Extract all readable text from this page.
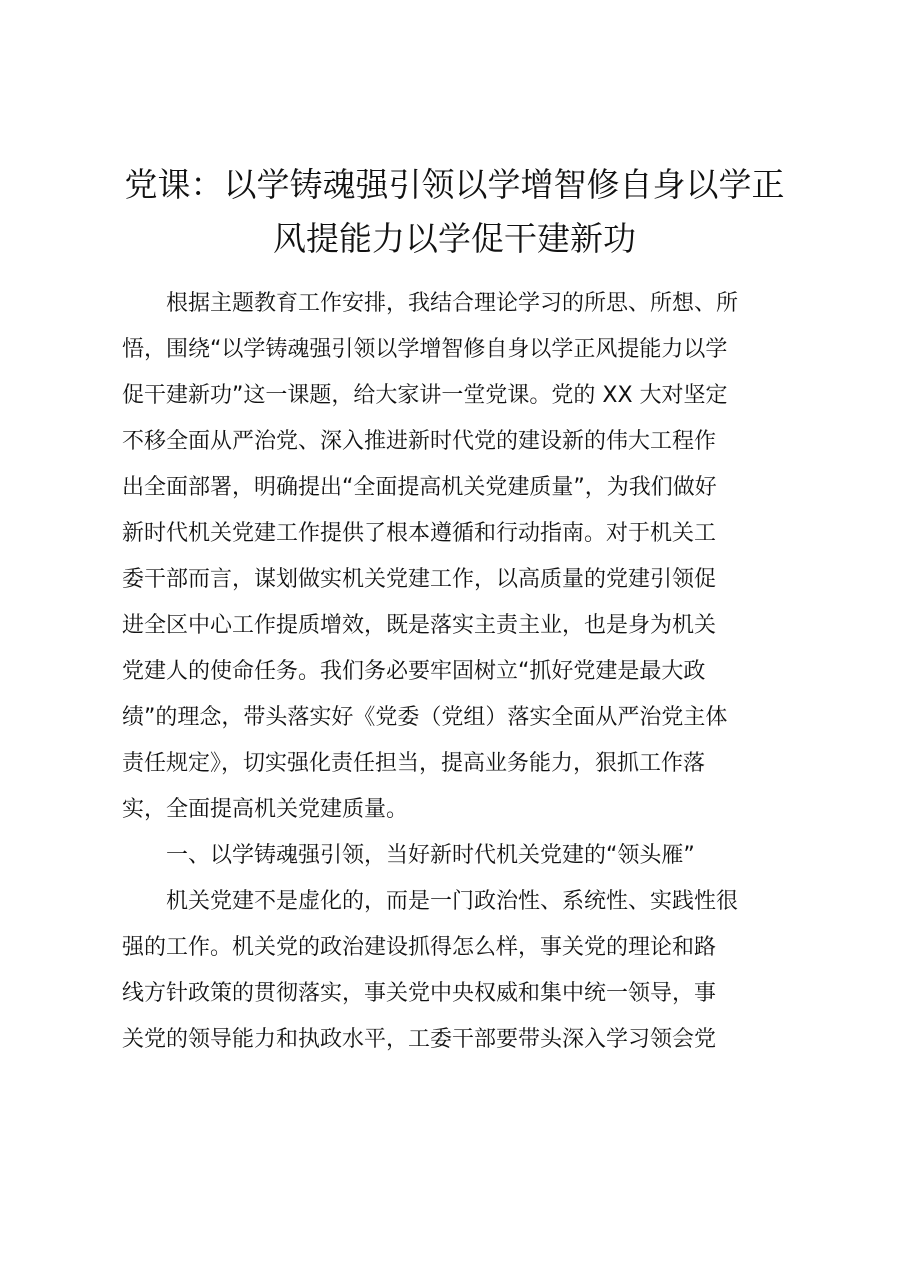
党课：以学铸魂强引领以学增智修自身以学正
风提能力以学促干建新功

　　根据主题教育工作安排，我结合理论学习的所思、所想、所
悟，围绕“以学铸魂强引领以学增智修自身以学正风提能力以学
促干建新功”这一课题，给大家讲一堂党课。党的 XX 大对坚定
不移全面从严治党、深入推进新时代党的建设新的伟大工程作
出全面部署，明确提出“全面提高机关党建质量”，为我们做好
新时代机关党建工作提供了根本遵循和行动指南。对于机关工
委干部而言，谋划做实机关党建工作，以高质量的党建引领促
进全区中心工作提质增效，既是落实主责主业，也是身为机关
党建人的使命任务。我们务必要牢固树立“抓好党建是最大政
绩”的理念，带头落实好《党委（党组）落实全面从严治党主体
责任规定》，切实强化责任担当，提高业务能力，狠抓工作落
实，全面提高机关党建质量。

　　一、以学铸魂强引领，当好新时代机关党建的“领头雁”

　　机关党建不是虚化的，而是一门政治性、系统性、实践性很
强的工作。机关党的政治建设抓得怎么样，事关党的理论和路
线方针政策的贯彻落实，事关党中央权威和集中统一领导，事
关党的领导能力和执政水平，工委干部要带头深入学习领会党
